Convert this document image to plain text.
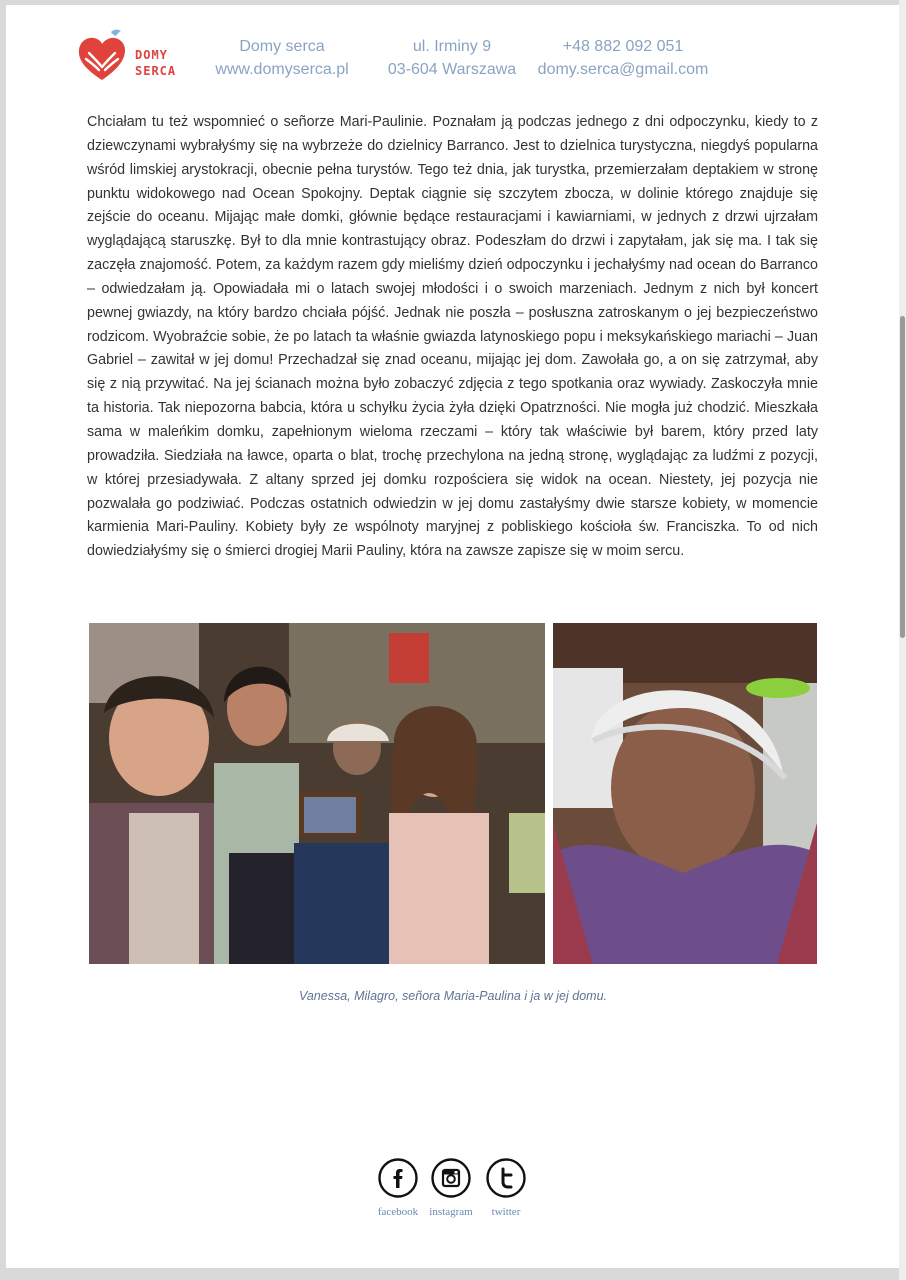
DOMY
SERCA
Domy serca
www.domyserca.pl
ul. Irminy 9
03-604 Warszawa
+48 882 092 051
domy.serca@gmail.com

Chciałam tu też wspomnieć o señorze Mari-Paulinie. Poznałam ją podczas jednego z dni odpoczynku, kiedy to z dziewczynami wybrałyśmy się na wybrzeże do dzielnicy Barranco. Jest to dzielnica turystyczna, niegdyś popularna wśród limskiej arystokracji, obecnie pełna turystów. Tego też dnia, jak turystka, przemierzałam deptakiem w stronę punktu widokowego nad Ocean Spokojny. Deptak ciągnie się szczytem zbocza, w dolinie którego znajduje się zejście do oceanu. Mijając małe domki, głównie będące restauracjami i kawiarniami, w jednych z drzwi ujrzałam wyglądającą staruszkę. Był to dla mnie kontrastujący obraz. Podeszłam do drzwi i zapytałam, jak się ma. I tak się zaczęła znajomość. Potem, za każdym razem gdy mieliśmy dzień odpoczynku i jechałyśmy nad ocean do Barranco – odwiedzałam ją. Opowiadała mi o latach swojej młodości i o swoich marzeniach. Jednym z nich był koncert pewnej gwiazdy, na który bardzo chciała pójść. Jednak nie poszła – posłuszna zatroskanym o jej bezpieczeństwo rodzicom. Wyobraźcie sobie, że po latach ta właśnie gwiazda latynoskiego popu i meksykańskiego mariachi – Juan Gabriel – zawitał w jej domu! Przechadzał się znad oceanu, mijając jej dom. Zawołała go, a on się zatrzymał, aby się z nią przywitać. Na jej ścianach można było zobaczyć zdjęcia z tego spotkania oraz wywiady. Zaskoczyła mnie ta historia. Tak niepozorna babcia, która u schyłku życia żyła dzięki Opatrzności. Nie mogła już chodzić. Mieszkała sama w maleńkim domku, zapełnionym wieloma rzeczami – który tak właściwie był barem, który przed laty prowadziła. Siedziała na ławce, oparta o blat, trochę przechylona na jedną stronę, wyglądając za ludźmi z pozycji, w której przesiadywała. Z altany sprzed jej domku rozpościera się widok na ocean. Niestety, jej pozycja nie pozwalała go podziwiać. Podczas ostatnich odwiedzin w jej domu zastałyśmy dwie starsze kobiety, w momencie karmienia Mari-Pauliny. Kobiety były ze wspólnoty maryjnej z pobliskiego kościoła św. Franciszka. To od nich dowiedziałyśmy się o śmierci drogiej Marii Pauliny, która na zawsze zapisze się w moim sercu.

Vanessa, Milagro, señora Maria-Paulina i ja w jej domu.
facebook instagram	twitter
